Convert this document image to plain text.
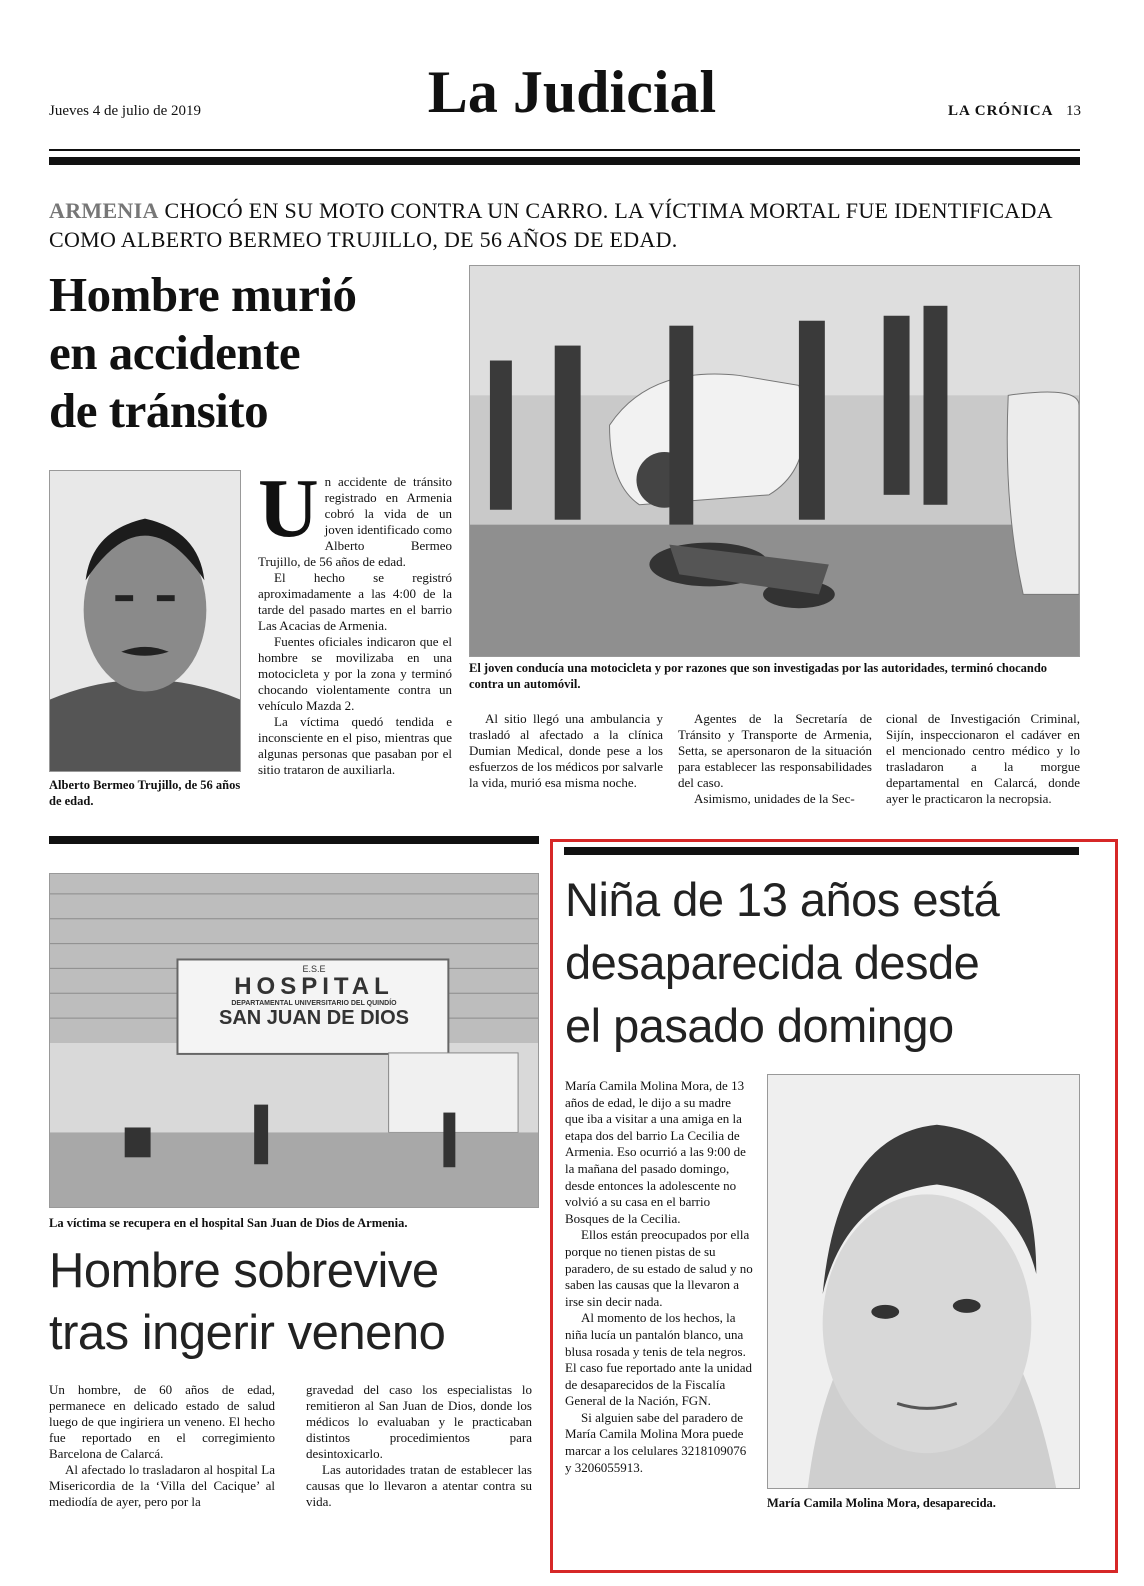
Jueves 4 de julio de 2019	La Judicial	LA CRÓNICA 13
ARMENIA CHOCÓ EN SU MOTO CONTRA UN CARRO. LA VÍCTIMA MORTAL FUE IDENTIFICADA COMO ALBERTO BERMEO TRUJILLO, DE 56 AÑOS DE EDAD.
Hombre murió
en accidente
de tránsito
Alberto Bermeo Trujillo, de 56 años de edad.

Un accidente de tránsito registrado en Armenia cobró la vida de un joven identificado como Alberto Bermeo Trujillo, de 56 años de edad.

El hecho se registró aproximadamente a las 4:00 de la tarde del pasado martes en el barrio Las Acacias de Armenia.

Fuentes oficiales indicaron que el hombre se movilizaba en una motocicleta y por la zona y terminó chocando violentamente contra un vehículo Mazda 2.

La víctima quedó tendida e inconsciente en el piso, mientras que algunas personas que pasaban por el sitio trataron de auxiliarla.

El joven conducía una motocicleta y por razones que son investigadas por las autoridades, terminó chocando contra un automóvil.

Al sitio llegó una ambulancia y trasladó al afectado a la clínica Dumian Medical, donde pese a los esfuerzos de los médicos por salvarle la vida, murió esa misma noche.

Agentes de la Secretaría de Tránsito y Transporte de Armenia, Setta, se apersonaron de la situación para establecer las responsabilidades del caso.

Asimismo, unidades de la Sec-

cional de Investigación Criminal, Sijín, inspeccionaron el cadáver en el mencionado centro médico y lo trasladaron a la morgue departamental en Calarcá, donde ayer le practicaron la necropsia.

E.S.E
HOSPITAL
DEPARTAMENTAL UNIVERSITARIO DEL QUINDÍO
SAN JUAN DE DIOS
La víctima se recupera en el hospital San Juan de Dios de Armenia.
Hombre sobrevive
tras ingerir veneno

Un hombre, de 60 años de edad, permanece en delicado estado de salud luego de que ingiriera un veneno. El hecho fue reportado en el corregimiento Barcelona de Calarcá.

Al afectado lo trasladaron al hospital La Misericordia de la ‘Villa del Cacique’ al mediodía de ayer, pero por la

gravedad del caso los especialistas lo remitieron al San Juan de Dios, donde los médicos lo evaluaban y le practicaban distintos procedimientos para desintoxicarlo.

Las autoridades tratan de establecer las causas que lo llevaron a atentar contra su vida.

Niña de 13 años está
desaparecida desde
el pasado domingo

María Camila Molina Mora, de 13 años de edad, le dijo a su madre que iba a visitar a una amiga en la etapa dos del barrio La Cecilia de Armenia. Eso ocurrió a las 9:00 de la mañana del pasado domingo, desde entonces la adolescente no volvió a su casa en el barrio Bosques de la Cecilia.

Ellos están preocupados por ella porque no tienen pistas de su paradero, de su estado de salud y no saben las causas que la llevaron a irse sin decir nada.

Al momento de los hechos, la niña lucía un pantalón blanco, una blusa rosada y tenis de tela negros. El caso fue reportado ante la unidad de desaparecidos de la Fiscalía General de la Nación, FGN.

Si alguien sabe del paradero de María Camila Molina Mora puede marcar a los celulares 3218109076 y 3206055913.

María Camila Molina Mora, desaparecida.
